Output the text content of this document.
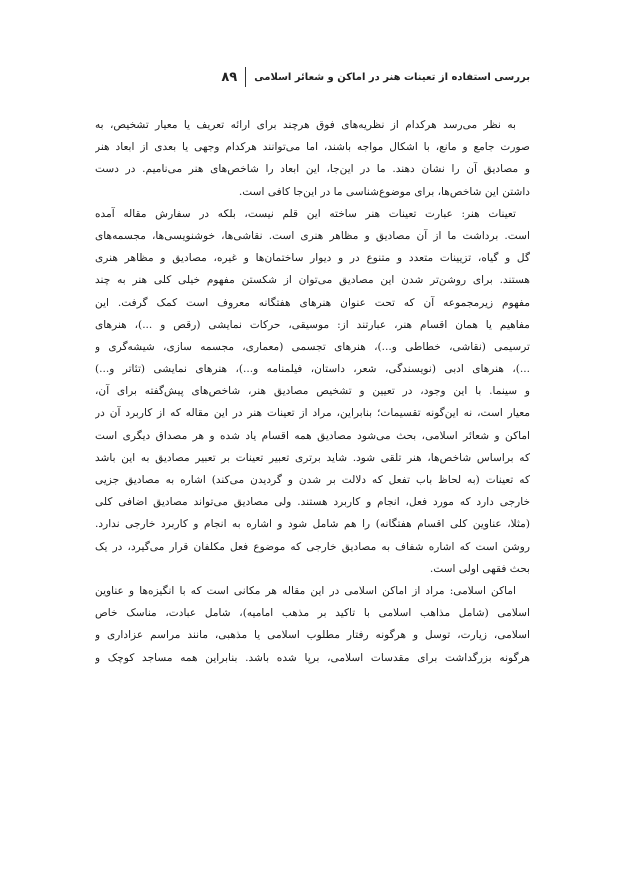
بررسی استفاده از تعینات هنر در اماکن و شعائر اسلامی
۸۹
به نظر می‌رسد هرکدام از نظریه‌های فوق هرچند برای ارائه تعریف یا معیار تشخیص، به
صورت جامع و مانع، با اشکال مواجه باشند، اما می‌توانند هرکدام وجهی یا بعدی از ابعاد هنر
و مصادیق آن را نشان دهند. ما در این‌جا، این ابعاد را شاخص‌های هنر می‌نامیم. در دست
داشتن این شاخص‌ها، برای موضوع‌شناسی ما در این‌جا کافی است.
تعینات هنر: عبارت تعینات هنر ساخته این قلم نیست، بلکه در سفارش مقاله آمده
است. برداشت ما از آن مصادیق و مظاهر هنری است. نقاشی‌ها، خوشنویسی‌ها، مجسمه‌های
گل و گیاه، تزیینات متعدد و متنوع در و دیوار ساختمان‌ها و غیره، مصادیق و مظاهر هنری
هستند. برای روشن‌تر شدن این مصادیق می‌توان از شکستن مفهوم خیلی کلی هنر به چند
مفهوم زیرمجموعه آن که تحت عنوان هنرهای هفتگانه معروف است کمک گرفت. این
مفاهیم یا همان اقسام هنر، عبارتند از: موسیقی، حرکات نمایشی (رقص و ...)، هنرهای
ترسیمی (نقاشی، خطاطی و...)، هنرهای تجسمی (معماری، مجسمه سازی، شیشه‌گری و
...)، هنرهای ادبی (نویسندگی، شعر، داستان، فیلمنامه و...)، هنرهای نمایشی (تئاتر و...)
و سینما. با این وجود، در تعیین و تشخیص مصادیق هنر، شاخص‌های پیش‌گفته برای آن،
معیار است، نه این‌گونه تقسیمات؛ بنابراین، مراد از تعینات هنر در این مقاله که از کاربرد آن در
اماکن و شعائر اسلامی، بحث می‌شود مصادیق همه اقسام یاد شده و هر مصداق دیگری است
که براساس شاخص‌ها، هنر تلقی شود. شاید برتری تعبیر تعینات بر تعبیر مصادیق به این باشد
که تعینات (به لحاظ باب تفعل که دلالت بر شدن و گردیدن می‌کند) اشاره به مصادیق جزیی
خارجی دارد که مورد فعل، انجام و کاربرد هستند. ولی مصادیق می‌تواند مصادیق اضافی کلی
(مثلا، عناوین کلی اقسام هفتگانه) را هم شامل شود و اشاره به انجام و کاربرد خارجی ندارد.
روشن است که اشاره شفاف به مصادیق خارجی که موضوع فعل مکلفان قرار می‌گیرد، در یک
بحث فقهی اولی است.
اماکن اسلامی: مراد از اماکن اسلامی در این مقاله هر مکانی است که با انگیزه‌ها و عناوین
اسلامی (شامل مذاهب اسلامی با تاکید بر مذهب امامیه)، شامل عبادت، مناسک خاص
اسلامی، زیارت، توسل و هرگونه رفتار مطلوب اسلامی یا مذهبی، مانند مراسم عزاداری و
هرگونه بزرگداشت برای مقدسات اسلامی، برپا شده باشد. بنابراین همه مساجد کوچک و
